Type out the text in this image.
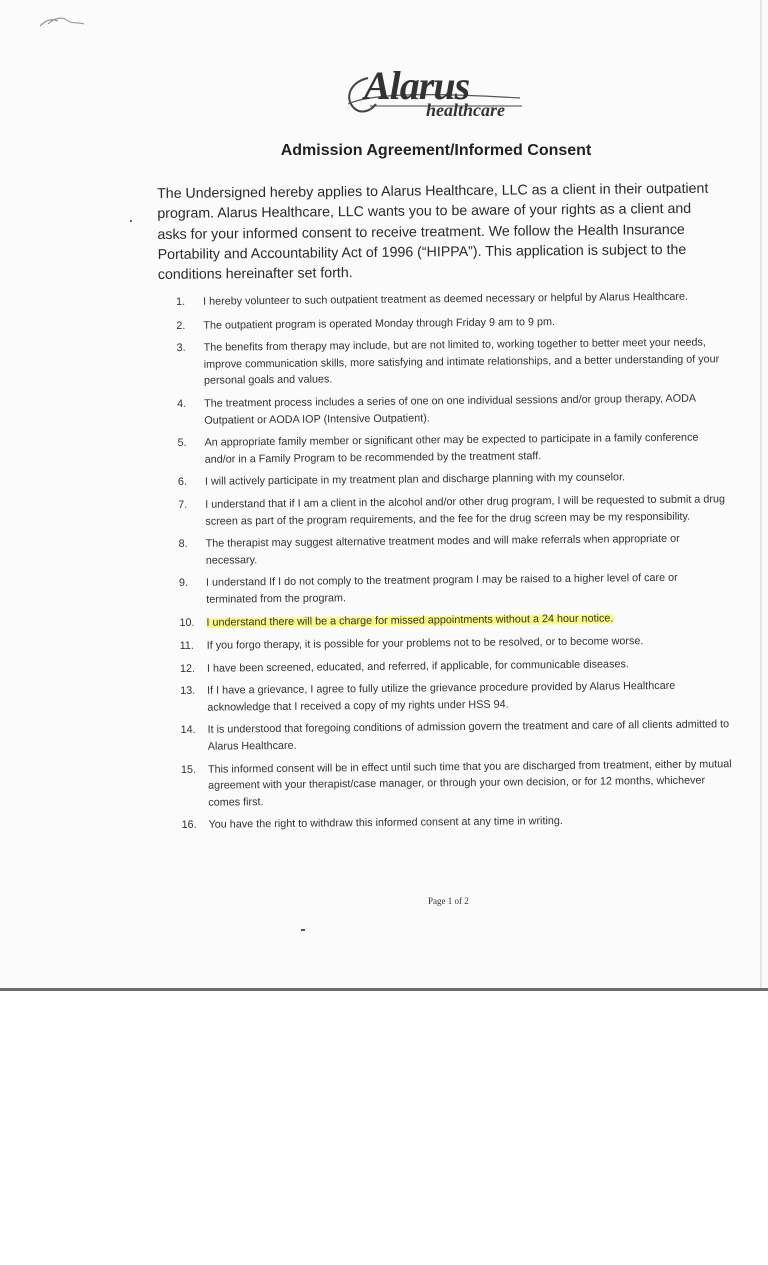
Alarus
healthcare
Admission Agreement/Informed Consent

The Undersigned hereby applies to Alarus Healthcare, LLC as a client in their outpatient program. Alarus Healthcare, LLC wants you to be aware of your rights as a client and asks for your informed consent to receive treatment. We follow the Health Insurance Portability and Accountability Act of 1996 (“HIPPA”). This application is subject to the conditions hereinafter set forth.

1.	I hereby volunteer to such outpatient treatment as deemed necessary or helpful by Alarus Healthcare.
2.	The outpatient program is operated Monday through Friday 9 am to 9 pm.
3.	The benefits from therapy may include, but are not limited to, working together to better meet your needs, improve communication skills, more satisfying and intimate relationships, and a better understanding of your personal goals and values.
4.	The treatment process includes a series of one on one individual sessions and/or group therapy, AODA Outpatient or AODA IOP (Intensive Outpatient).
5.	An appropriate family member or significant other may be expected to participate in a family conference and/or in a Family Program to be recommended by the treatment staff.
6.	I will actively participate in my treatment plan and discharge planning with my counselor.
7.	I understand that if I am a client in the alcohol and/or other drug program, I will be requested to submit a drug screen as part of the program requirements, and the fee for the drug screen may be my responsibility.
8.	The therapist may suggest alternative treatment modes and will make referrals when appropriate or necessary.
9.	I understand If I do not comply to the treatment program I may be raised to a higher level of care or terminated from the program.
10.	I understand there will be a charge for missed appointments without a 24 hour notice.
11.	If you forgo therapy, it is possible for your problems not to be resolved, or to become worse.
12.	I have been screened, educated, and referred, if applicable, for communicable diseases.
13.	If I have a grievance, I agree to fully utilize the grievance procedure provided by Alarus Healthcare acknowledge that I received a copy of my rights under HSS 94.
14.	It is understood that foregoing conditions of admission govern the treatment and care of all clients admitted to Alarus Healthcare.
15.	This informed consent will be in effect until such time that you are discharged from treatment, either by mutual agreement with your therapist/case manager, or through your own decision, or for 12 months, whichever comes first.
16.	You have the right to withdraw this informed consent at any time in writing.
Page 1 of 2
